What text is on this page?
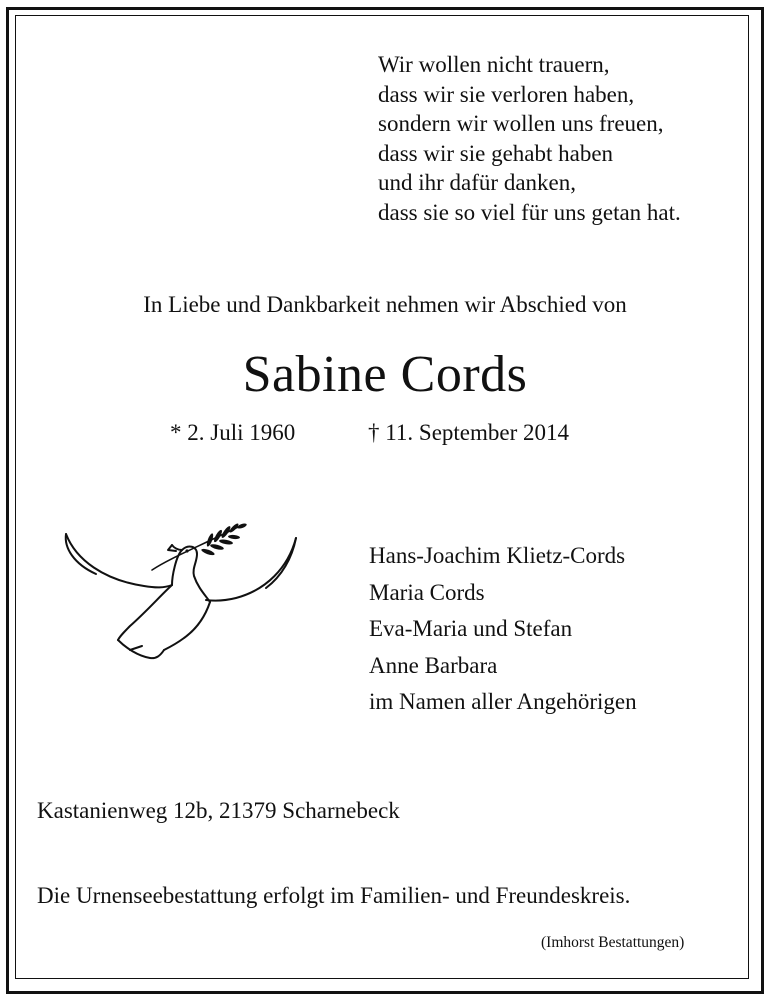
Wir wollen nicht trauern,
dass wir sie verloren haben,
sondern wir wollen uns freuen,
dass wir sie gehabt haben
und ihr dafür danken,
dass sie so viel für uns getan hat.
In Liebe und Dankbarkeit nehmen wir Abschied von
Sabine Cords
* 2. Juli 1960	† 11. September 2014
Hans-Joachim Klietz-Cords
Maria Cords
Eva-Maria und Stefan
Anne Barbara
im Namen aller Angehörigen
Kastanienweg 12b, 21379 Scharnebeck
Die Urnenseebestattung erfolgt im Familien- und Freundeskreis.
(Imhorst Bestattungen)
